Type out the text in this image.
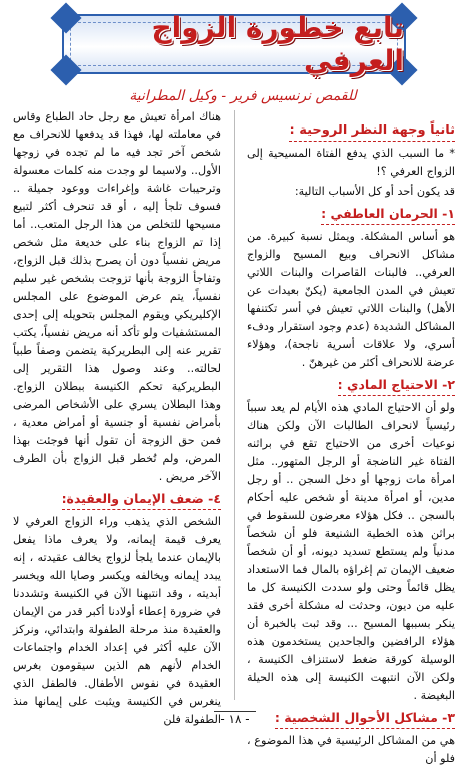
تابع خطورة الزواج العرفي
للقمص نرنسيس فرير - وكيل المطرانية
ثانياً وجهة النظر الروحية :

* ما السبب الذي يدفع الفتاة المسيحية إلى الزواج العرفي ؟!

قد يكون أحد أو كل الأسباب التالية:

١- الحرمان العاطفي :

هو أساس المشكلة. ويمثل نسبة كبيرة. من مشاكل الانحراف وبيع المسيح والزواج العرفي.. فالبنات القاصرات والبنات اللاتي تعيش في المدن الجامعية (يكنّ بعيدات عن الأهل) والبنات اللاتي تعيش في أسر تكتنفها المشاكل الشديدة (عدم وجود استقرار ودفء أسري، ولا علاقات أسرية ناجحة)، وهؤلاء عرضة للانحراف أكثر من غيرهنّ .

٢- الاحتياج المادي :

ولو أن الاحتياج المادي هذه الأيام لم يعد سبباً رئيسياً لانحراف الطالبات الآن ولكن هناك نوعيات أخرى من الاحتياج تقع في براثنه الفتاة غير الناضجة أو الرجل المتهور.. مثل امرأة مات زوجها أو دخل السجن .. أو رجل مدين، أو امرأة مدينة أو شخص عليه أحكام بالسجن .. فكل هؤلاء معرضون للسقوط في براثن هذه الخطية الشنيعة فلو أن شخصاً مدنياً ولم يستطع تسديد ديونه، أو أن شخصاً ضعيف الإيمان تم إغراؤه بالمال فما الاستعداد يظل قائماً وحتى ولو سددت الكنيسة كل ما عليه من ديون، وحدثت له مشكلة أخرى فقد ينكر بسببها المسيح ... وقد ثبت بالخبرة أن هؤلاء الرافضين والجاحدين يستخدمون هذه الوسيلة كورقة ضغط لاستنزاف الكنيسة ، ولكن الآن انتبهت الكنيسة إلى هذه الحيلة البغيضة .

٣- مشاكل الأحوال الشخصية :

هي من المشاكل الرئيسية في هذا الموضوع ، فلو أن

هناك امرأة تعيش مع رجل حاد الطباع وقاس في معاملته لها، فهذا قد يدفعها للانحراف مع شخص آخر تجد فيه ما لم تجده في زوجها الأول.. ولاسيما لو وجدت منه كلمات معسولة وترحيبات غاشة وإغراءات ووعود جميلة .. فسوف تلجأ إليه ، أو قد تنحرف أكثر لتبيع مسيحها للتخلص من هذا الرجل المتعب.. أما إذا تم الزواج بناء على خديعة مثل شخص مريض نفسياً دون أن يصرح بذلك قبل الزواج، وتفاجأ الزوجة بأنها تزوجت بشخص غير سليم نفسياً، يتم عرض الموضوع على المجلس الإكليريكي ويقوم المجلس بتحويله إلى إحدى المستشفيات ولو تأكد أنه مريض نفسياً، يكتب تقرير عنه إلى البطريركية يتضمن وصفاً طبياً لحالته.. وعند وصول هذا التقرير إلى البطريركية تحكم الكنيسة ببطلان الزواج. وهذا البطلان يسري على الأشخاص المرضى بأمراض نفسية أو جنسية أو أمراض معدية ، فمن حق الزوجة أن تقول أنها فوجئت بهذا المرض، ولم تُخطر قبل الزواج بأن الطرف الآخر مريض .

٤- ضعف الإيمان والعقيدة:

الشخص الذي يذهب وراء الزواج العرفي لا يعرف قيمة إيمانه، ولا يعرف ماذا يفعل بالإيمان عندما يلجأ لزواج يخالف عقيدته ، إنه يبدد إيمانه ويخالفه ويكسر وصايا الله ويخسر أبديته ، وقد انتبهنا الآن في الكنيسة وتشددنا في ضرورة إعطاء أولادنا أكبر قدر من الإيمان والعقيدة منذ مرحلة الطفولة وابتدائي، ونركز الآن عليه أكثر في إعداد الخدام واجتماعات الخدام لأنهم هم الذين سيقومون بغرس العقيدة في نفوس الأطفال. فالطفل الذي ينغرس في الكنيسة ويثبت على إيمانها منذ الطفولة فلن - ١٨ -
